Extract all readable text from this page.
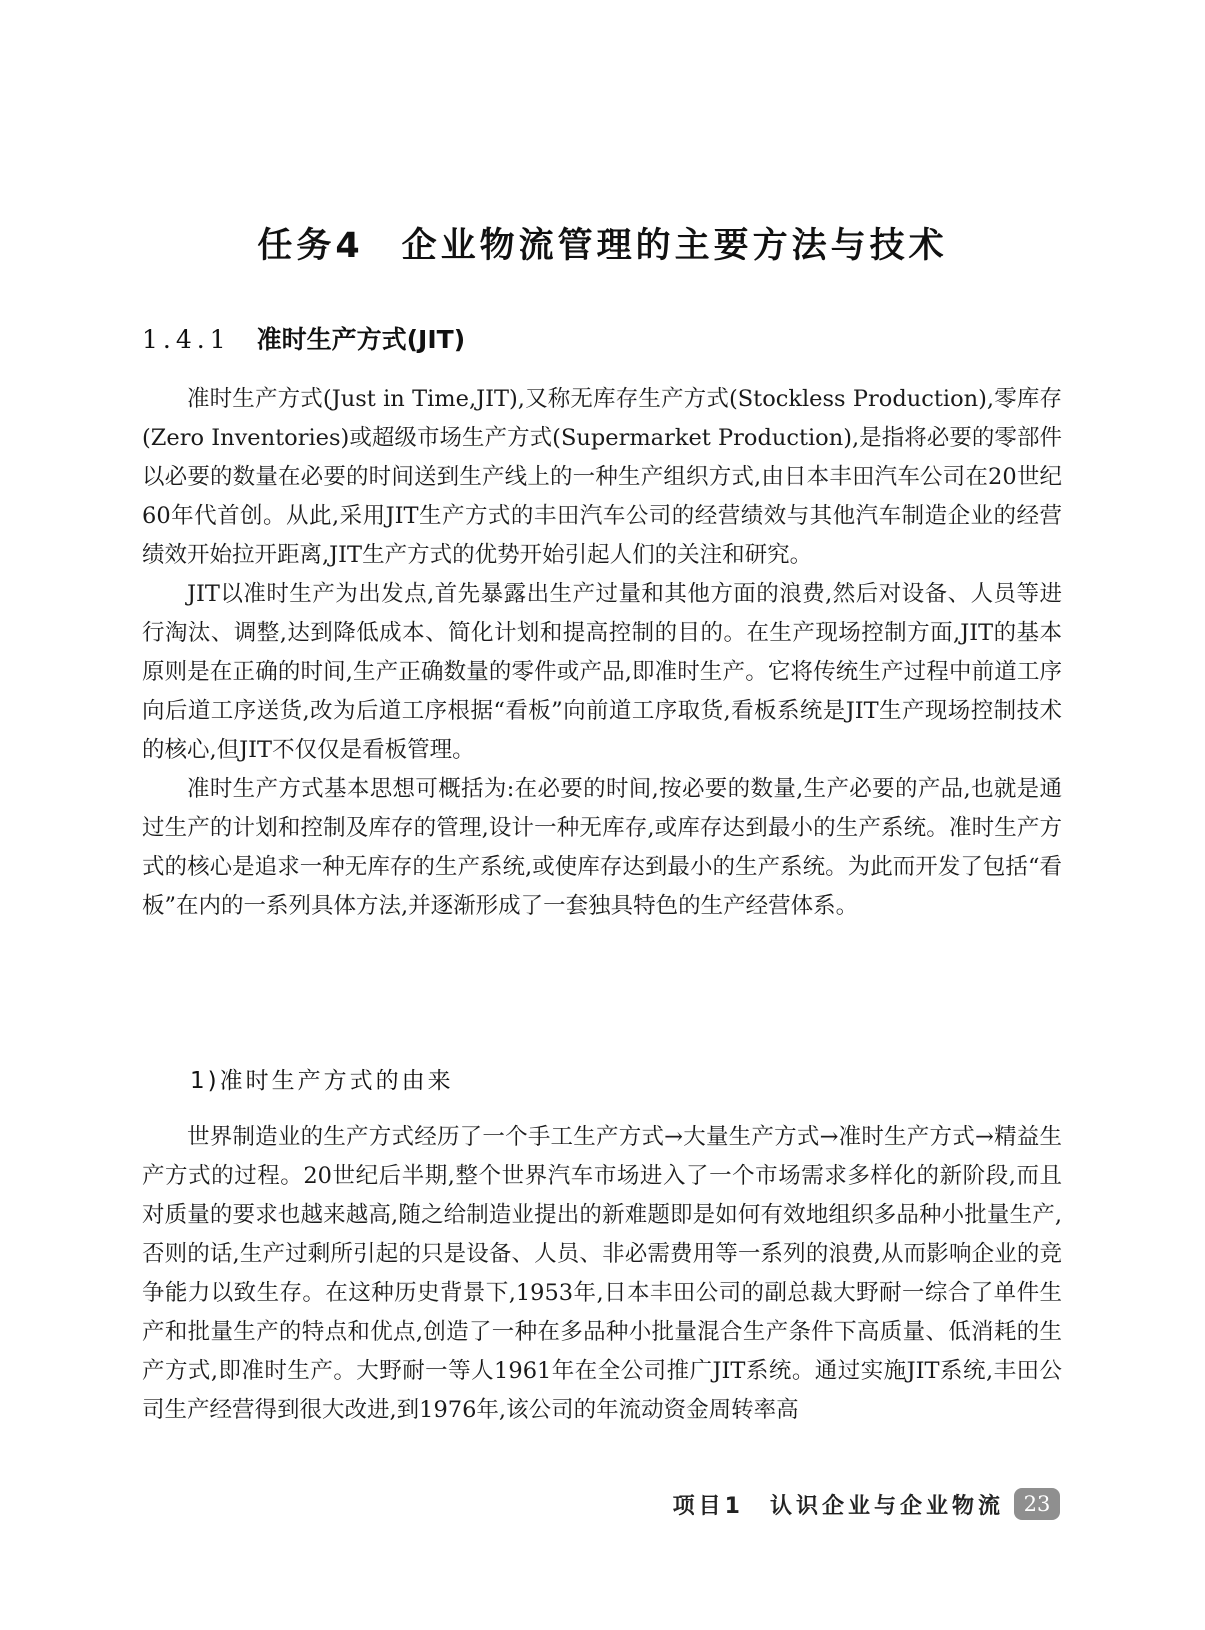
任务4 企业物流管理的主要方法与技术
1.4.1 准时生产方式(JIT)

准时生产方式(Just in Time,JIT),又称无库存生产方式(Stockless Production),零库存(Zero Inventories)或超级市场生产方式(Supermarket Production),是指将必要的零部件以必要的数量在必要的时间送到生产线上的一种生产组织方式,由日本丰田汽车公司在20世纪60年代首创。从此,采用JIT生产方式的丰田汽车公司的经营绩效与其他汽车制造企业的经营绩效开始拉开距离,JIT生产方式的优势开始引起人们的关注和研究。

JIT以准时生产为出发点,首先暴露出生产过量和其他方面的浪费,然后对设备、人员等进行淘汰、调整,达到降低成本、简化计划和提高控制的目的。在生产现场控制方面,JIT的基本原则是在正确的时间,生产正确数量的零件或产品,即准时生产。它将传统生产过程中前道工序向后道工序送货,改为后道工序根据“看板”向前道工序取货,看板系统是JIT生产现场控制技术的核心,但JIT不仅仅是看板管理。

准时生产方式基本思想可概括为:在必要的时间,按必要的数量,生产必要的产品,也就是通过生产的计划和控制及库存的管理,设计一种无库存,或库存达到最小的生产系统。准时生产方式的核心是追求一种无库存的生产系统,或使库存达到最小的生产系统。为此而开发了包括“看板”在内的一系列具体方法,并逐渐形成了一套独具特色的生产经营体系。

1)准时生产方式的由来

世界制造业的生产方式经历了一个手工生产方式→大量生产方式→准时生产方式→精益生产方式的过程。20世纪后半期,整个世界汽车市场进入了一个市场需求多样化的新阶段,而且对质量的要求也越来越高,随之给制造业提出的新难题即是如何有效地组织多品种小批量生产,否则的话,生产过剩所引起的只是设备、人员、非必需费用等一系列的浪费,从而影响企业的竞争能力以致生存。在这种历史背景下,1953年,日本丰田公司的副总裁大野耐一综合了单件生产和批量生产的特点和优点,创造了一种在多品种小批量混合生产条件下高质量、低消耗的生产方式,即准时生产。大野耐一等人1961年在全公司推广JIT系统。通过实施JIT系统,丰田公司生产经营得到很大改进,到1976年,该公司的年流动资金周转率高

项目1 认识企业与企业物流 23
